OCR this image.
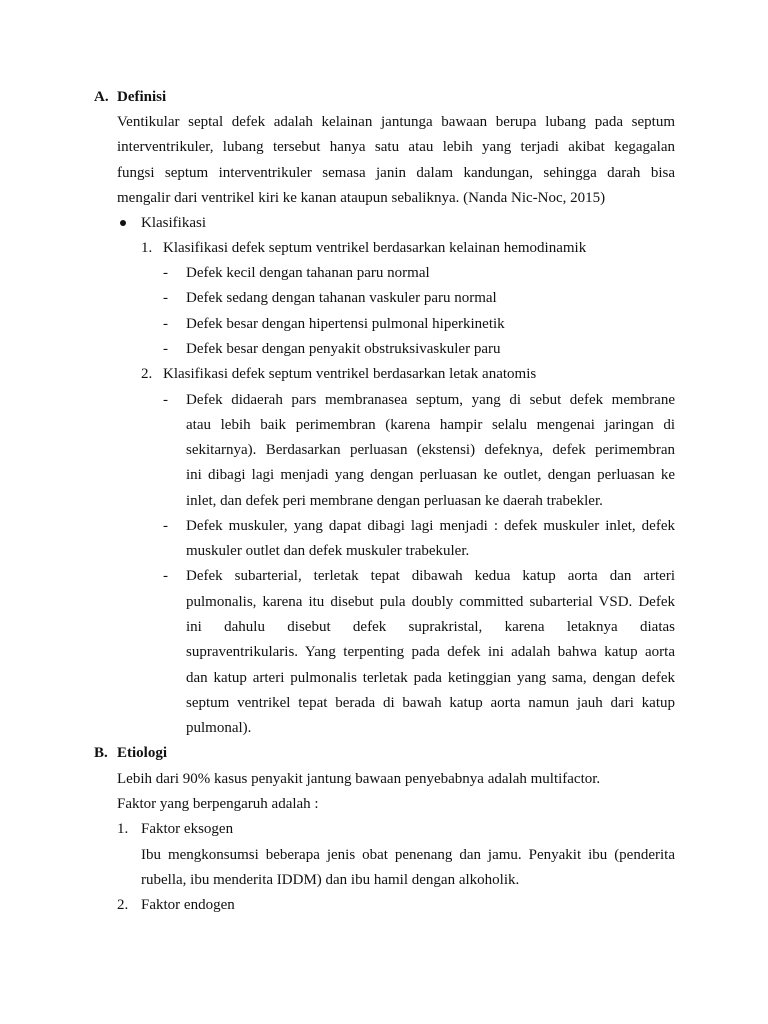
A. Definisi
Ventikular septal defek adalah kelainan jantunga bawaan berupa lubang pada septum
interventrikuler, lubang tersebut hanya satu atau lebih yang terjadi akibat kegagalan
fungsi septum interventrikuler semasa janin dalam kandungan, sehingga darah bisa
mengalir dari ventrikel kiri ke kanan ataupun sebaliknya. (Nanda Nic-Noc, 2015)
Klasifikasi
1. Klasifikasi defek septum ventrikel berdasarkan kelainan hemodinamik
- Defek kecil dengan tahanan paru normal
- Defek sedang dengan tahanan vaskuler paru normal
- Defek besar dengan hipertensi pulmonal hiperkinetik
- Defek besar dengan penyakit obstruksivaskuler paru
2. Klasifikasi defek septum ventrikel berdasarkan letak anatomis
- Defek didaerah pars membranasea septum, yang di sebut defek membrane
atau lebih baik perimembran (karena hampir selalu mengenai jaringan di
sekitarnya). Berdasarkan perluasan (ekstensi) defeknya, defek perimembran
ini dibagi lagi menjadi yang dengan perluasan ke outlet, dengan perluasan ke
inlet, dan defek peri membrane dengan perluasan ke daerah trabekler.
- Defek muskuler, yang dapat dibagi lagi menjadi : defek muskuler inlet, defek
muskuler outlet dan defek muskuler trabekuler.
- Defek subarterial, terletak tepat dibawah kedua katup aorta dan arteri
pulmonalis, karena itu disebut pula doubly committed subarterial VSD. Defek
ini dahulu disebut defek suprakristal, karena letaknya diatas
supraventrikularis. Yang terpenting pada defek ini adalah bahwa katup aorta
dan katup arteri pulmonalis terletak pada ketinggian yang sama, dengan defek
septum ventrikel tepat berada di bawah katup aorta namun jauh dari katup
pulmonal).
B. Etiologi
Lebih dari 90% kasus penyakit jantung bawaan penyebabnya adalah multifactor.
Faktor yang berpengaruh adalah :
1. Faktor eksogen
Ibu mengkonsumsi beberapa jenis obat penenang dan jamu. Penyakit ibu (penderita
rubella, ibu menderita IDDM) dan ibu hamil dengan alkoholik.
2. Faktor endogen
